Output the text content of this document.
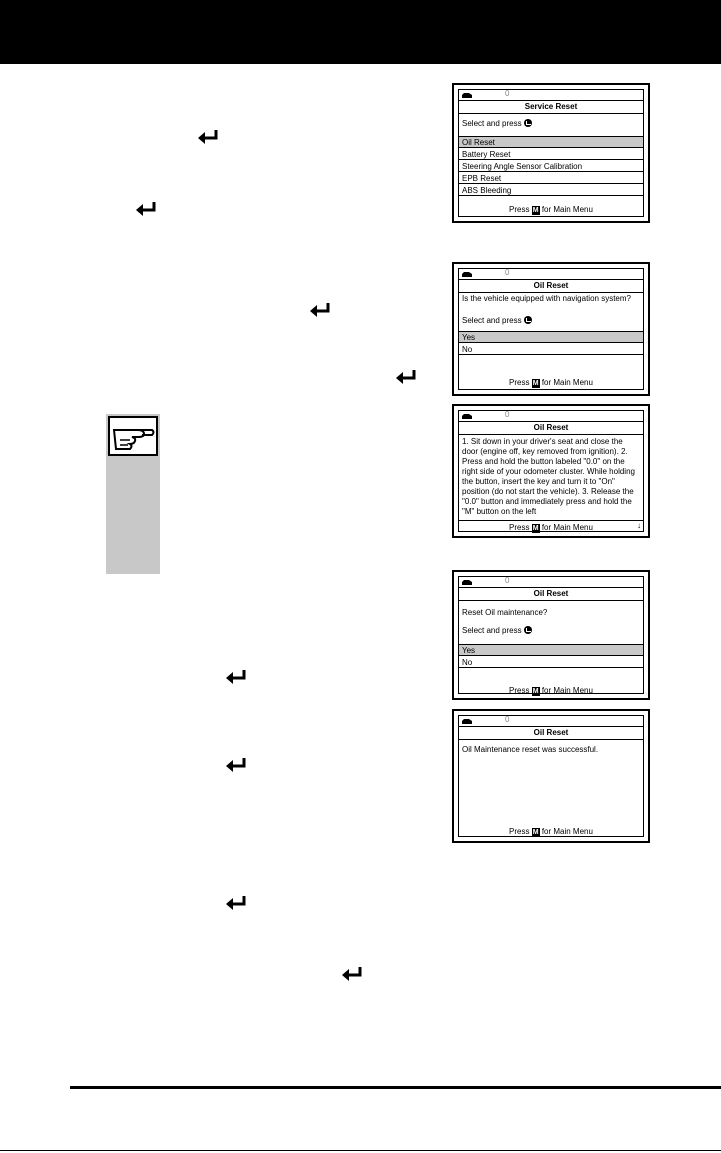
0
Service Reset
Select and press
Oil Reset
Battery Reset
Steering Angle Sensor Calibration
EPB Reset
ABS Bleeding
Press M for Main Menu
0
Oil Reset
Is the vehicle equipped with navigation system?
Select and press
Yes
No
Press M for Main Menu
0
Oil Reset
1. Sit down in your driver's seat and close the door (engine off, key removed from ignition). 2. Press and hold the button labeled "0.0" on the right side of your odometer cluster. While holding the button, insert the key and turn it to "On" position (do not start the vehicle). 3. Release the "0.0" button and immediately press and hold the "M" button on the left
Press M for Main Menu	↓
0
Oil Reset
Reset Oil maintenance?
Select and press
Yes
No
Press M for Main Menu
0
Oil Reset
Oil Maintenance reset was successful.
Press M for Main Menu
